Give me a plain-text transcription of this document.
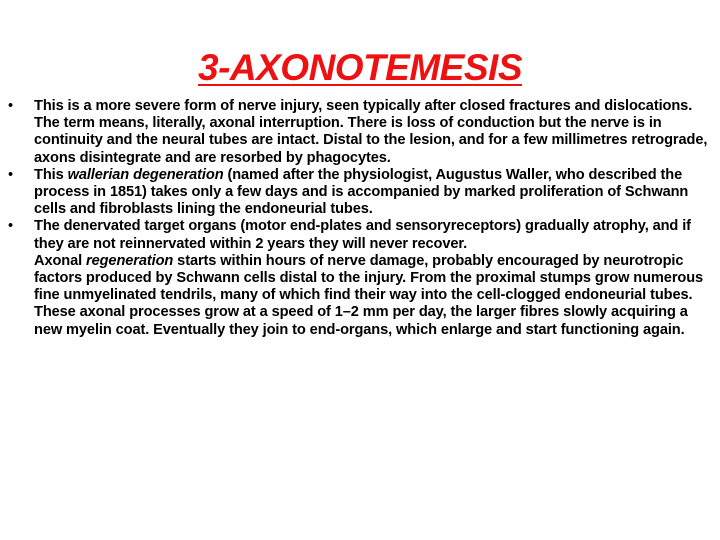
3-AXONOTEMESIS
•	This is a more severe form of nerve injury, seen typically after closed fractures and dislocations. The term means, literally, axonal interruption. There is loss of conduction but the nerve is in continuity and the neural tubes are intact. Distal to the lesion, and for a few millimetres retrograde, axons disintegrate and are resorbed by phagocytes.
•	This wallerian degeneration (named after the physiologist, Augustus Waller, who described the process in 1851) takes only a few days and is accompanied by marked proliferation of Schwann cells and fibroblasts lining the endoneurial tubes.
•	The denervated target organs (motor end-plates and sensoryreceptors) gradually atrophy, and if they are not reinnervated within 2 years they will never recover.
Axonal regeneration starts within hours of nerve damage, probably encouraged by neurotropic factors produced by Schwann cells distal to the injury. From the proximal stumps grow numerous fine unmyelinated tendrils, many of which find their way into the cell-clogged endoneurial tubes. These axonal processes grow at a speed of 1–2 mm per day, the larger fibres slowly acquiring a new myelin coat. Eventually they join to end-organs, which enlarge and start functioning again.
